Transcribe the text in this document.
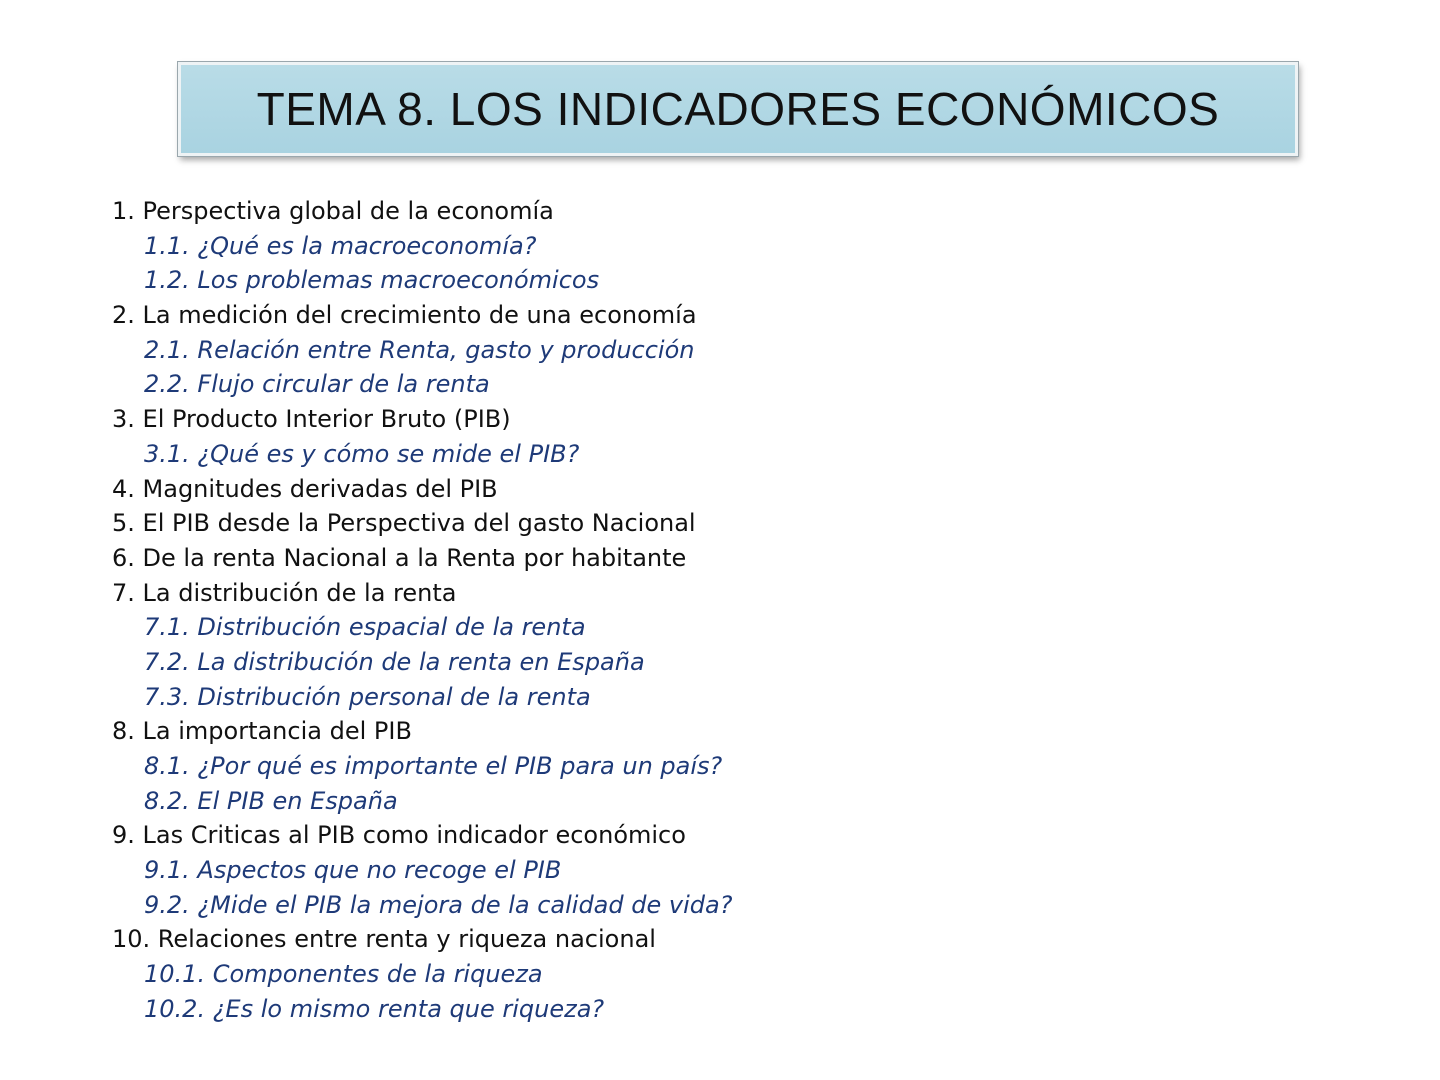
TEMA 8. LOS INDICADORES ECONÓMICOS
1. Perspectiva global de la economía
1.1. ¿Qué es la macroeconomía?
1.2. Los problemas macroeconómicos
2. La medición del crecimiento de una economía
2.1. Relación entre Renta, gasto y producción
2.2. Flujo circular de la renta
3. El Producto Interior Bruto (PIB)
3.1. ¿Qué es y cómo se mide el PIB?
4. Magnitudes derivadas del PIB
5. El PIB desde la Perspectiva del gasto Nacional
6. De la renta Nacional a la Renta por habitante
7. La distribución de la renta
7.1. Distribución espacial de la renta
7.2. La distribución de la renta en España
7.3. Distribución personal de la renta
8. La importancia del PIB
8.1. ¿Por qué es importante el PIB para un país?
8.2. El PIB en España
9. Las Criticas al PIB como indicador económico
9.1. Aspectos que no recoge el PIB
9.2. ¿Mide el PIB la mejora de la calidad de vida?
10. Relaciones entre renta y riqueza nacional
10.1. Componentes de la riqueza
10.2. ¿Es lo mismo renta que riqueza?
